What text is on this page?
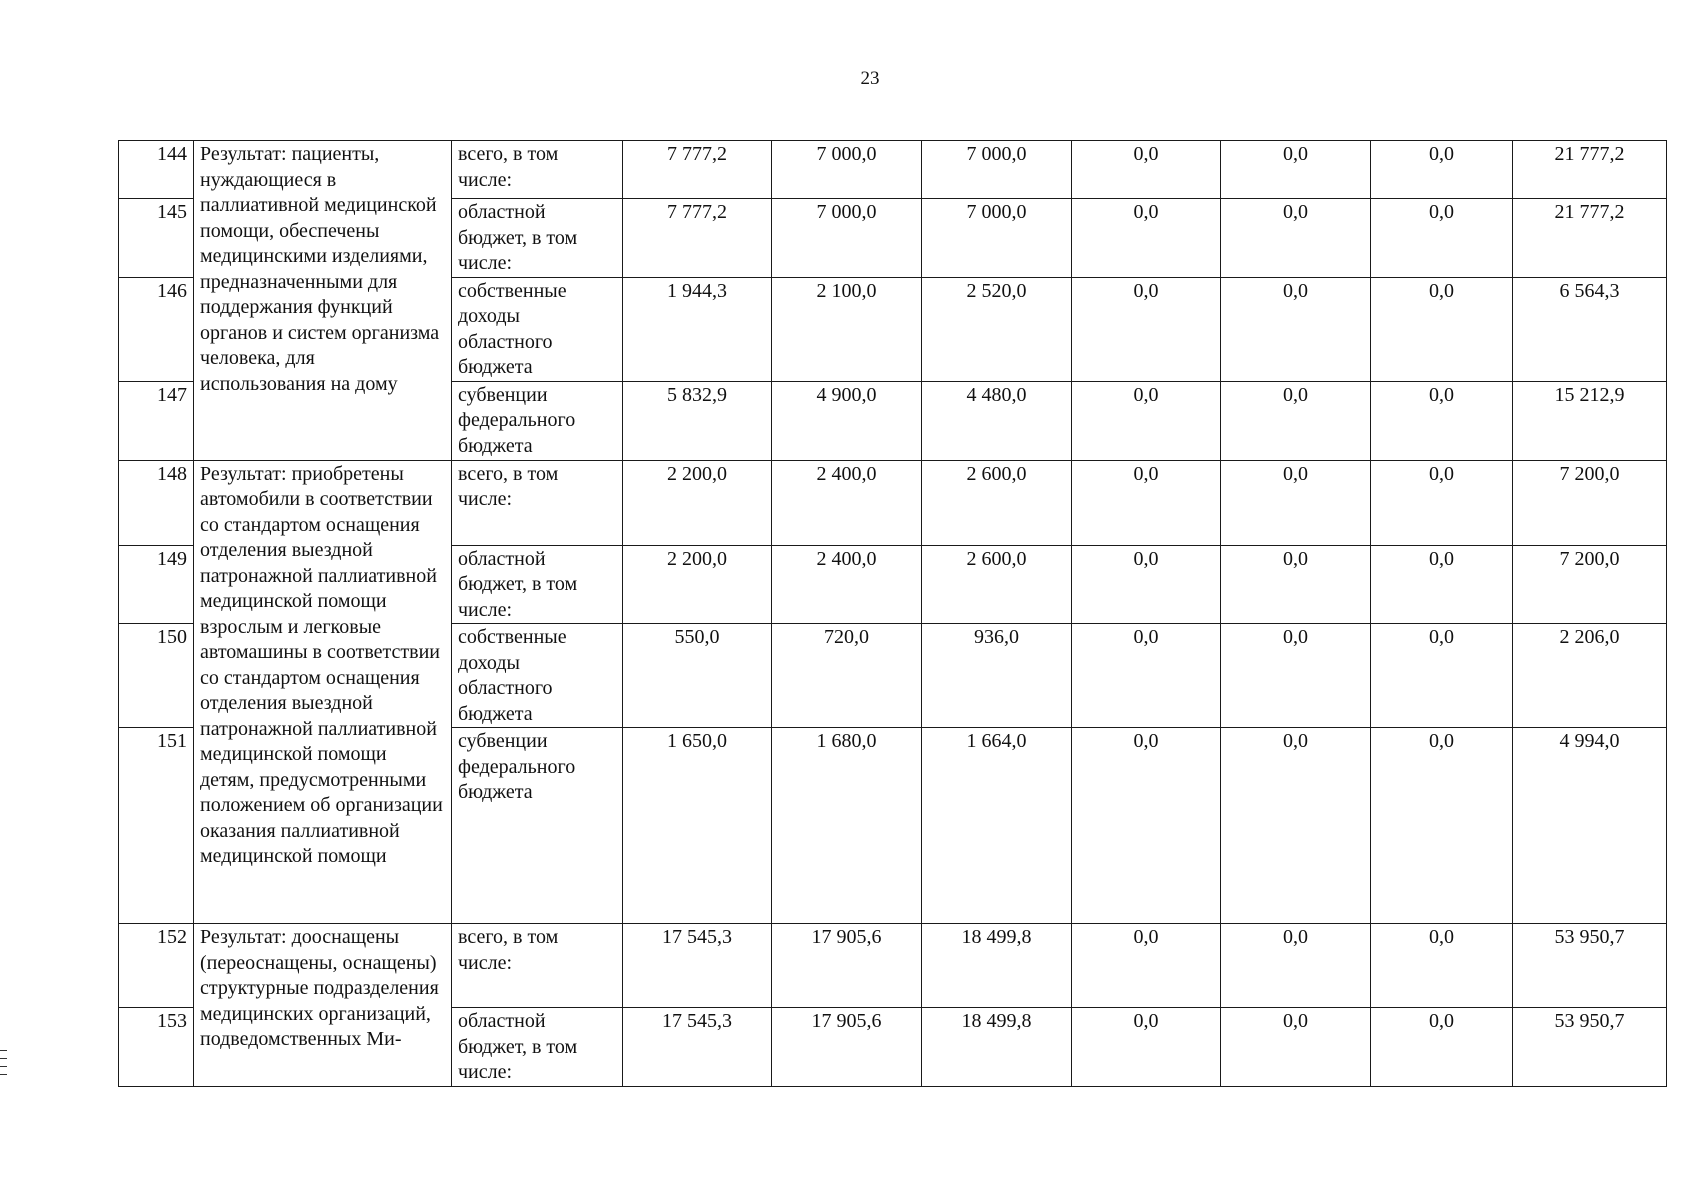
23
144	Результат: пациенты, нуждающиеся в паллиативной медицинской помощи, обеспечены медицинскими изделиями, предназначенными для поддержания функций органов и систем организма человека, для использования на дому	всего, в том числе:	7 777,2	7 000,0	7 000,0	0,0	0,0	0,0	21 777,2
145		областной бюджет, в том числе:	7 777,2	7 000,0	7 000,0	0,0	0,0	0,0	21 777,2
146		собственные доходы областного бюджета	1 944,3	2 100,0	2 520,0	0,0	0,0	0,0	6 564,3
147		субвенции федерального бюджета	5 832,9	4 900,0	4 480,0	0,0	0,0	0,0	15 212,9
148	Результат: приобретены автомобили в соответствии со стандартом оснащения отделения выездной патронажной паллиативной медицинской помощи взрослым и легковые автомашины в соответствии со стандартом оснащения отделения выездной патронажной паллиативной медицинской помощи детям, предусмотренными положением об организации оказания паллиативной медицинской помощи	всего, в том числе:	2 200,0	2 400,0	2 600,0	0,0	0,0	0,0	7 200,0
149		областной бюджет, в том числе:	2 200,0	2 400,0	2 600,0	0,0	0,0	0,0	7 200,0
150		собственные доходы областного бюджета	550,0	720,0	936,0	0,0	0,0	0,0	2 206,0
151		субвенции федерального бюджета	1 650,0	1 680,0	1 664,0	0,0	0,0	0,0	4 994,0
152	Результат: дооснащены (переоснащены, оснащены) структурные подразделения медицинских организаций, подведомственных Ми-	всего, в том числе:	17 545,3	17 905,6	18 499,8	0,0	0,0	0,0	53 950,7
153		областной бюджет, в том числе:	17 545,3	17 905,6	18 499,8	0,0	0,0	0,0	53 950,7
